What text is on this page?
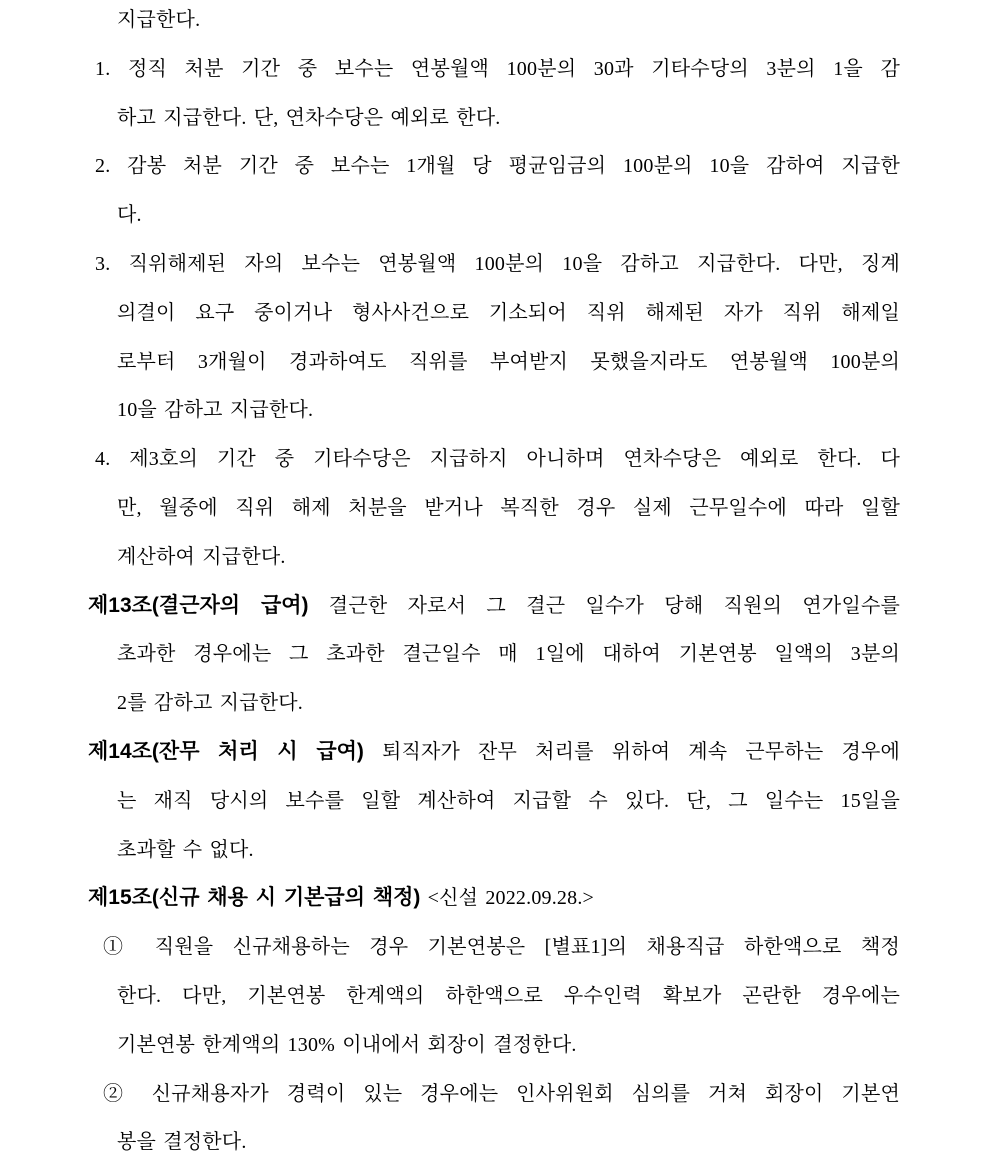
지급한다.
1. 정직 처분 기간 중 보수는 연봉월액 100분의 30과 기타수당의 3분의 1을 감
하고 지급한다. 단, 연차수당은 예외로 한다.
2. 감봉 처분 기간 중 보수는 1개월 당 평균임금의 100분의 10을 감하여 지급한
다.
3. 직위해제된 자의 보수는 연봉월액 100분의 10을 감하고 지급한다. 다만, 징계
의결이 요구 중이거나 형사사건으로 기소되어 직위 해제된 자가 직위 해제일
로부터 3개월이 경과하여도 직위를 부여받지 못했을지라도 연봉월액 100분의
10을 감하고 지급한다.
4. 제3호의 기간 중 기타수당은 지급하지 아니하며 연차수당은 예외로 한다. 다
만, 월중에 직위 해제 처분을 받거나 복직한 경우 실제 근무일수에 따라 일할
계산하여 지급한다.
제13조(결근자의 급여) 결근한 자로서 그 결근 일수가 당해 직원의 연가일수를
초과한 경우에는 그 초과한 결근일수 매 1일에 대하여 기본연봉 일액의 3분의
2를 감하고 지급한다.
제14조(잔무 처리 시 급여) 퇴직자가 잔무 처리를 위하여 계속 근무하는 경우에
는 재직 당시의 보수를 일할 계산하여 지급할 수 있다. 단, 그 일수는 15일을
초과할 수 없다.
제15조(신규 채용 시 기본급의 책정) <신설 2022.09.28.>
① 직원을 신규채용하는 경우 기본연봉은 [별표1]의 채용직급 하한액으로 책정
한다. 다만, 기본연봉 한계액의 하한액으로 우수인력 확보가 곤란한 경우에는
기본연봉 한계액의 130% 이내에서 회장이 결정한다.
② 신규채용자가 경력이 있는 경우에는 인사위원회 심의를 거쳐 회장이 기본연
봉을 결정한다.
